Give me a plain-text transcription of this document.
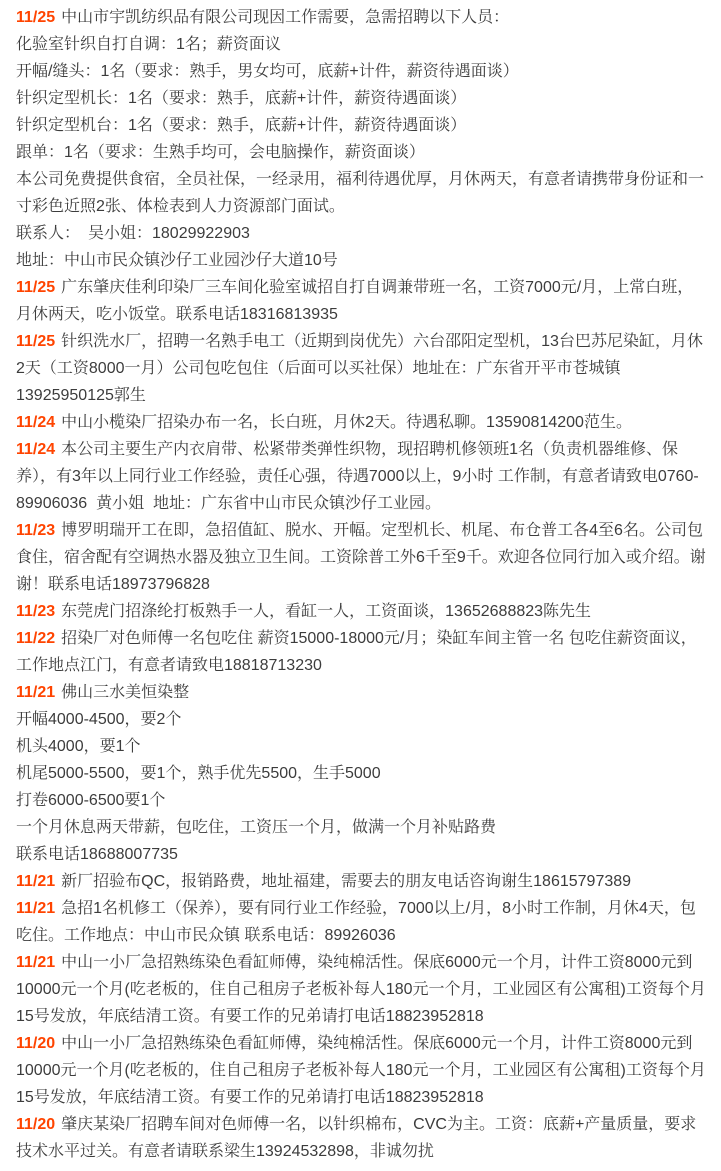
11/25 中山市宇凯纺织品有限公司现因工作需要，急需招聘以下人员：

化验室针织自打自调：1名；薪资面议

开幅/缝头：1名（要求：熟手，男女均可，底薪+计件，薪资待遇面谈）

针织定型机长：1名（要求：熟手，底薪+计件，薪资待遇面谈）

针织定型机台：1名（要求：熟手，底薪+计件，薪资待遇面谈）

跟单：1名（要求：生熟手均可，会电脑操作，薪资面谈）

本公司免费提供食宿，全员社保，一经录用，福利待遇优厚，月休两天，有意者请携带身份证和一寸彩色近照2张、体检表到人力资源部门面试。

联系人：　吴小姐：18029922903

地址：中山市民众镇沙仔工业园沙仔大道10号

11/25 广东肇庆佳利印染厂三车间化验室诚招自打自调兼带班一名，工资7000元/月，上常白班，月休两天，吃小饭堂。联系电话18316813935

11/25 针织洗水厂，招聘一名熟手电工（近期到岗优先）六台邵阳定型机，13台巴苏尼染缸，月休2天（工资8000一月）公司包吃包住（后面可以买社保）地址在：广东省开平市苍城镇13925950125郭生

11/24 中山小榄染厂招染办布一名，长白班，月休2天。待遇私聊。13590814200范生。

11/24 本公司主要生产内衣肩带、松紧带类弹性织物，现招聘机修领班1名（负责机器维修、保养），有3年以上同行业工作经验，责任心强，待遇7000以上，9小时 工作制，有意者请致电0760-89906036  黄小姐  地址：广东省中山市民众镇沙仔工业园。

11/23 博罗明瑞开工在即，急招值缸、脱水、开幅。定型机长、机尾、布仓普工各4至6名。公司包食住，宿舍配有空调热水器及独立卫生间。工资除普工外6千至9千。欢迎各位同行加入或介绍。谢谢！联系电话18973796828

11/23 东莞虎门招涤纶打板熟手一人，看缸一人，工资面谈，13652688823陈先生

11/22 招染厂对色师傅一名包吃住 薪资15000-18000元/月；染缸车间主管一名 包吃住薪资面议，工作地点江门，有意者请致电18818713230

11/21 佛山三水美恒染整

开幅4000-4500，要2个

机头4000，要1个

机尾5000-5500，要1个，熟手优先5500，生手5000

打卷6000-6500要1个

一个月休息两天带薪，包吃住，工资压一个月，做满一个月补贴路费

联系电话18688007735

11/21 新厂招验布QC，报销路费，地址福建，需要去的朋友电话咨询谢生18615797389

11/21 急招1名机修工（保养），要有同行业工作经验，7000以上/月，8小时工作制，月休4天，包吃住。工作地点：中山市民众镇 联系电话：89926036

11/21 中山一小厂急招熟练染色看缸师傅，染纯棉活性。保底6000元一个月，计件工资8000元到10000元一个月(吃老板的，住自己租房子老板补每人180元一个月，工业园区有公寓租)工资每个月15号发放，年底结清工资。有要工作的兄弟请打电话18823952818

11/20 中山一小厂急招熟练染色看缸师傅，染纯棉活性。保底6000元一个月，计件工资8000元到10000元一个月(吃老板的，住自己租房子老板补每人180元一个月，工业园区有公寓租)工资每个月15号发放，年底结清工资。有要工作的兄弟请打电话18823952818

11/20 肇庆某染厂招聘车间对色师傅一名，以针织棉布，CVC为主。工资：底薪+产量质量，要求技术水平过关。有意者请联系梁生13924532898，非诚勿扰
